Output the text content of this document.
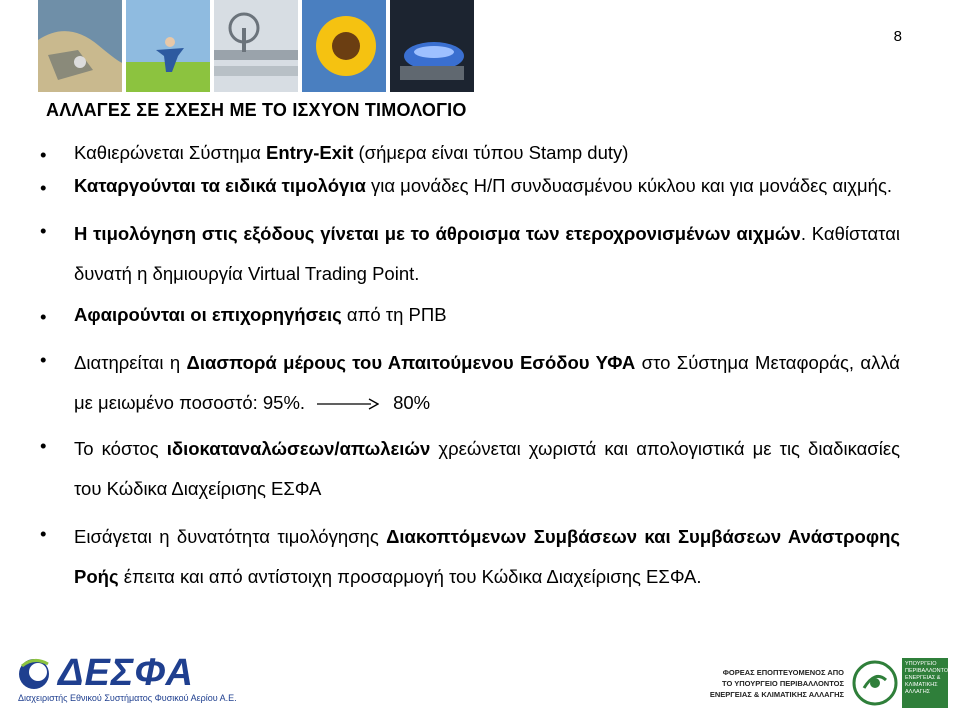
8
ΑΛΛΑΓΕΣ ΣΕ ΣΧΕΣΗ ΜΕ ΤΟ ΙΣΧΥΟΝ ΤΙΜΟΛΟΓΙΟ
•	Καθιερώνεται Σύστημα Entry-Exit (σήμερα είναι τύπου Stamp duty)
•	Καταργούνται τα ειδικά τιμολόγια για μονάδες Η/Π συνδυασμένου κύκλου και για μονάδες αιχμής.
•	Η τιμολόγηση στις εξόδους γίνεται με το άθροισμα των ετεροχρονισμένων αιχμών. Καθίσταται δυνατή η δημιουργία Virtual Trading Point.
•	Αφαιρούνται οι επιχορηγήσεις από τη ΡΠΒ
•	Διατηρείται η Διασπορά μέρους του Απαιτούμενου Εσόδου ΥΦΑ στο Σύστημα Μεταφοράς, αλλά με μειωμένο ποσοστό: 95%.	80%
•	Το κόστος ιδιοκαταναλώσεων/απωλειών χρεώνεται χωριστά και απολογιστικά με τις διαδικασίες του Κώδικα Διαχείρισης ΕΣΦΑ
•	Εισάγεται η δυνατότητα τιμολόγησης Διακοπτόμενων Συμβάσεων και Συμβάσεων Ανάστροφης Ροής έπειτα και από αντίστοιχη προσαρμογή του Κώδικα Διαχείρισης ΕΣΦΑ.
ΔΕΣΦΑ
Διαχειριστής Εθνικού Συστήματος Φυσικού Αερίου Α.Ε.
ΦΟΡΕΑΣ ΕΠΟΠΤΕΥΟΜΕΝΟΣ ΑΠΟ
ΤΟ ΥΠΟΥΡΓΕΙΟ ΠΕΡΙΒΑΛΛΟΝΤΟΣ
ΕΝΕΡΓΕΙΑΣ & ΚΛΙΜΑΤΙΚΗΣ ΑΛΛΑΓΗΣ
ΥΠΟΥΡΓΕΙΟ ΠΕΡΙΒΑΛΛΟΝΤΟΣ ΕΝΕΡΓΕΙΑΣ & ΚΛΙΜΑΤΙΚΗΣ ΑΛΛΑΓΗΣ
